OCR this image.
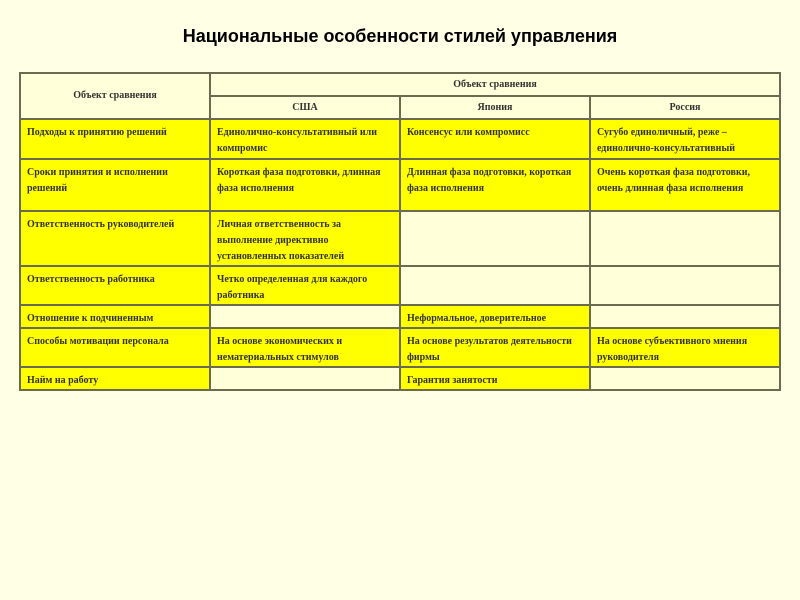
Национальные особенности стилей управления
Объект сравнения	Объект сравнения		
	США	Япония	Россия
Подходы к принятию решений	Единолично-консультативный или компромис	Консенсус или компромисс	Сугубо единоличный, реже – единолично-консультативный
Сроки принятия и исполнении решений	Короткая фаза подготовки, длинная фаза исполнения	Длинная фаза подготовки, короткая фаза исполнения	Очень короткая фаза подготовки, очень длинная фаза исполнения
Ответственность руководителей	Личная ответственность за выполнение директивно установленных показателей		
Ответственность работника	Четко определенная для каждого работника		
Отношение к подчиненным		Неформальное, доверительное	
Способы мотивации персонала	На основе экономических и нематериальных стимулов	На основе результатов деятельности фирмы	На основе субъективного мнения руководителя
Найм на работу		Гарантия занятости	
